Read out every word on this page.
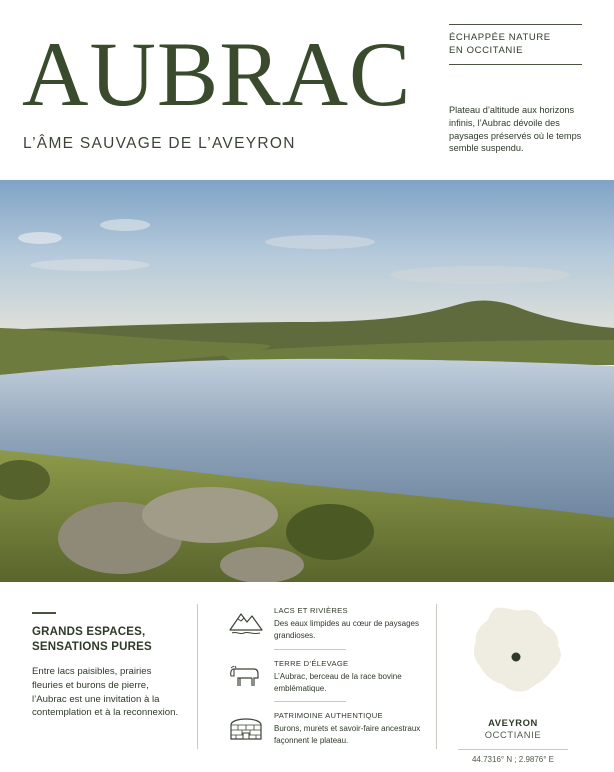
AUBRAC
L’ÂME SAUVAGE DE L’AVEYRON
ÉCHAPPÉE NATURE
EN OCCITANIE
Plateau d’altitude aux horizons infinis, l’Aubrac dévoile des paysages préservés où le temps semble suspendu.
GRANDS ESPACES,
SENSATIONS PURES
Entre lacs paisibles, prairies fleuries et burons de pierre, l’Aubrac est une invitation à la contemplation et à la reconnexion.
LACS ET RIVIÈRES
Des eaux limpides au cœur de paysages grandioses.
TERRE D’ÉLEVAGE
L’Aubrac, berceau de la race bovine emblématique.
PATRIMOINE AUTHENTIQUE
Burons, murets et savoir-faire ancestraux façonnent le plateau.
AVEYRON
OCCTIANIE
44.7316° N ; 2.9876° E
